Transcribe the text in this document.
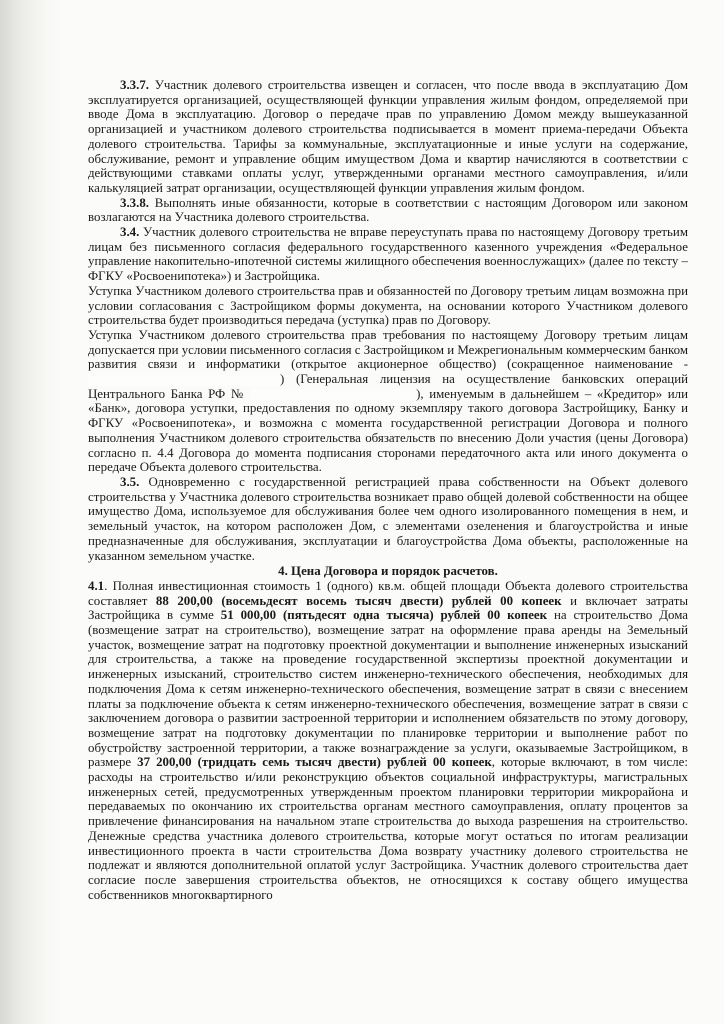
3.3.7. Участник долевого строительства извещен и согласен, что после ввода в эксплуатацию Дом эксплуатируется организацией, осуществляющей функции управления жилым фондом, определяемой при вводе Дома в эксплуатацию. Договор о передаче прав по управлению Домом между вышеуказанной организацией и участником долевого строительства подписывается в момент приема-передачи Объекта долевого строительства. Тарифы за коммунальные, эксплуатационные и иные услуги на содержание, обслуживание, ремонт и управление общим имуществом Дома и квартир начисляются в соответствии с действующими ставками оплаты услуг, утвержденными органами местного самоуправления, и/или калькуляцией затрат организации, осуществляющей функции управления жилым фондом.

3.3.8. Выполнять иные обязанности, которые в соответствии с настоящим Договором или законом возлагаются на Участника долевого строительства.

3.4. Участник долевого строительства не вправе переуступать права по настоящему Договору третьим лицам без письменного согласия федерального государственного казенного учреждения «Федеральное управление накопительно-ипотечной системы жилищного обеспечения военнослужащих» (далее по тексту – ФГКУ «Росвоенипотека») и Застройщика.

Уступка Участником долевого строительства прав и обязанностей по Договору третьим лицам возможна при условии согласования с Застройщиком формы документа, на основании которого Участником долевого строительства будет производиться передача (уступка) прав по Договору.

Уступка Участником долевого строительства прав требования по настоящему Договору третьим лицам допускается при условии письменного согласия с Застройщиком и Межрегиональным коммерческим банком развития связи и информатики (открытое акционерное общество) (сокращенное наименование - ) (Генеральная лицензия на осуществление банковских операций Центрального Банка РФ №	), именуемым в дальнейшем – «Кредитор» или «Банк», договора уступки, предоставления по одному экземпляру такого договора Застройщику, Банку и ФГКУ «Росвоенипотека», и возможна с момента государственной регистрации Договора и полного выполнения Участником долевого строительства обязательств по внесению Доли участия (цены Договора) согласно п. 4.4 Договора до момента подписания сторонами передаточного акта или иного документа о передаче Объекта долевого строительства.

3.5. Одновременно с государственной регистрацией права собственности на Объект долевого строительства у Участника долевого строительства возникает право общей долевой собственности на общее имущество Дома, используемое для обслуживания более чем одного изолированного помещения в нем, и земельный участок, на котором расположен Дом, с элементами озеленения и благоустройства и иные предназначенные для обслуживания, эксплуатации и благоустройства Дома объекты, расположенные на указанном земельном участке.

4. Цена Договора и порядок расчетов.

4.1. Полная инвестиционная стоимость 1 (одного) кв.м. общей площади Объекта долевого строительства составляет 88 200,00 (восемьдесят восемь тысяч двести) рублей 00 копеек и включает затраты Застройщика в сумме 51 000,00 (пятьдесят одна тысяча) рублей 00 копеек на строительство Дома (возмещение затрат на строительство), возмещение затрат на оформление права аренды на Земельный участок, возмещение затрат на подготовку проектной документации и выполнение инженерных изысканий для строительства, а также на проведение государственной экспертизы проектной документации и инженерных изысканий, строительство систем инженерно-технического обеспечения, необходимых для подключения Дома к сетям инженерно-технического обеспечения, возмещение затрат в связи с внесением платы за подключение объекта к сетям инженерно-технического обеспечения, возмещение затрат в связи с заключением договора о развитии застроенной территории и исполнением обязательств по этому договору, возмещение затрат на подготовку документации по планировке территории и выполнение работ по обустройству застроенной территории, а также вознаграждение за услуги, оказываемые Застройщиком, в размере 37 200,00 (тридцать семь тысяч двести) рублей 00 копеек, которые включают, в том числе: расходы на строительство и/или реконструкцию объектов социальной инфраструктуры, магистральных инженерных сетей, предусмотренных утвержденным проектом планировки территории микрорайона и передаваемых по окончанию их строительства органам местного самоуправления, оплату процентов за привлечение финансирования на начальном этапе строительства до выхода разрешения на строительство. Денежные средства участника долевого строительства, которые могут остаться по итогам реализации инвестиционного проекта в части строительства Дома возврату участнику долевого строительства не подлежат и являются дополнительной оплатой услуг Застройщика. Участник долевого строительства дает согласие после завершения строительства объектов, не относящихся к составу общего имущества собственников многоквартирного
